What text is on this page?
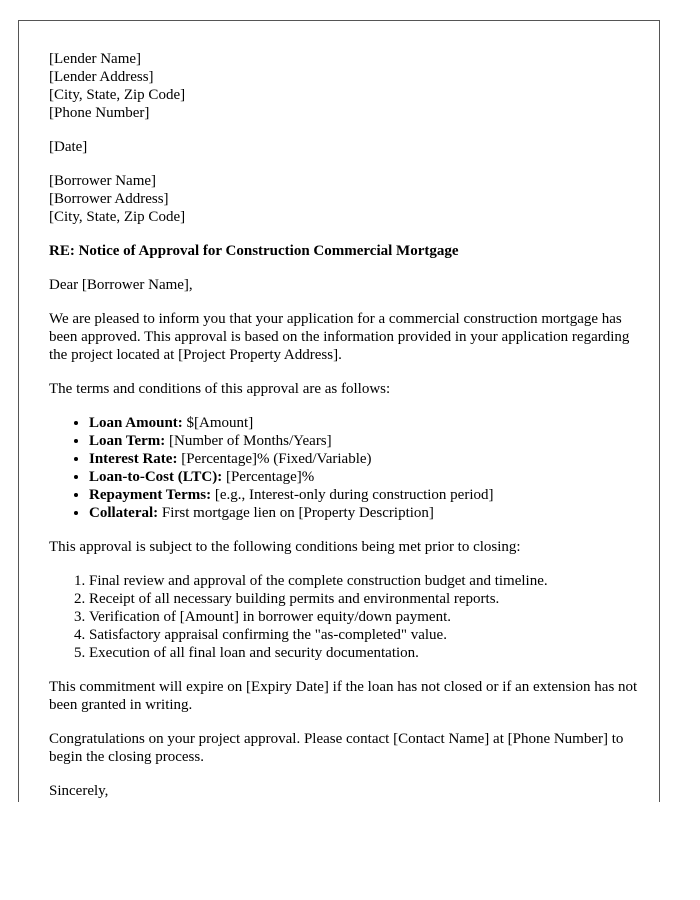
[Lender Name]
[Lender Address]
[City, State, Zip Code]
[Phone Number]

[Date]

[Borrower Name]
[Borrower Address]
[City, State, Zip Code]

RE: Notice of Approval for Construction Commercial Mortgage

Dear [Borrower Name],

We are pleased to inform you that your application for a commercial construction mortgage has been approved. This approval is based on the information provided in your application regarding the project located at [Project Property Address].

The terms and conditions of this approval are as follows:

• Loan Amount: $[Amount]
• Loan Term: [Number of Months/Years]
• Interest Rate: [Percentage]% (Fixed/Variable)
• Loan-to-Cost (LTC): [Percentage]%
• Repayment Terms: [e.g., Interest-only during construction period]
• Collateral: First mortgage lien on [Property Description]

This approval is subject to the following conditions being met prior to closing:

1. Final review and approval of the complete construction budget and timeline.
2. Receipt of all necessary building permits and environmental reports.
3. Verification of [Amount] in borrower equity/down payment.
4. Satisfactory appraisal confirming the "as-completed" value.
5. Execution of all final loan and security documentation.

This commitment will expire on [Expiry Date] if the loan has not closed or if an extension has not been granted in writing.

Congratulations on your project approval. Please contact [Contact Name] at [Phone Number] to begin the closing process.

Sincerely,
